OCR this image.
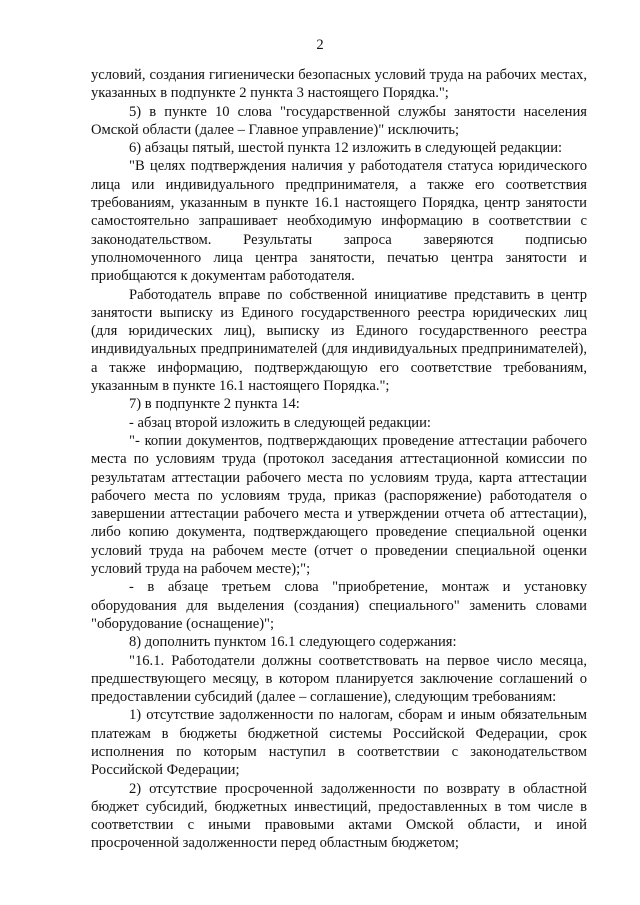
2

условий, создания гигиенически безопасных условий труда на рабочих местах, указанных в подпункте 2 пункта 3 настоящего Порядка.";

5) в пункте 10 слова "государственной службы занятости населения Омской области (далее – Главное управление)" исключить;

6) абзацы пятый, шестой пункта 12 изложить в следующей редакции:

"В целях подтверждения наличия у работодателя статуса юридического лица или индивидуального предпринимателя, а также его соответствия требованиям, указанным в пункте 16.1 настоящего Порядка, центр занятости самостоятельно запрашивает необходимую информацию в соответствии с законодательством. Результаты запроса заверяются подписью уполномоченного лица центра занятости, печатью центра занятости и приобщаются к документам работодателя.

Работодатель вправе по собственной инициативе представить в центр занятости выписку из Единого государственного реестра юридических лиц (для юридических лиц), выписку из Единого государственного реестра индивидуальных предпринимателей (для индивидуальных предпринимателей), а также информацию, подтверждающую его соответствие требованиям, указанным в пункте 16.1 настоящего Порядка.";

7) в подпункте 2 пункта 14:

- абзац второй изложить в следующей редакции:

"- копии документов, подтверждающих проведение аттестации рабочего места по условиям труда (протокол заседания аттестационной комиссии по результатам аттестации рабочего места по условиям труда, карта аттестации рабочего места по условиям труда, приказ (распоряжение) работодателя о завершении аттестации рабочего места и утверждении отчета об аттестации), либо копию документа, подтверждающего проведение специальной оценки условий труда на рабочем месте (отчет о проведении специальной оценки условий труда на рабочем месте);";

- в абзаце третьем слова "приобретение, монтаж и установку оборудования для выделения (создания) специального" заменить словами "оборудование (оснащение)";

8) дополнить пунктом 16.1 следующего содержания:

"16.1. Работодатели должны соответствовать на первое число месяца, предшествующего месяцу, в котором планируется заключение соглашений о предоставлении субсидий (далее – соглашение), следующим требованиям:

1) отсутствие задолженности по налогам, сборам и иным обязательным платежам в бюджеты бюджетной системы Российской Федерации, срок исполнения по которым наступил в соответствии с законодательством Российской Федерации;

2) отсутствие просроченной задолженности по возврату в областной бюджет субсидий, бюджетных инвестиций, предоставленных в том числе в соответствии с иными правовыми актами Омской области, и иной просроченной задолженности перед областным бюджетом;
